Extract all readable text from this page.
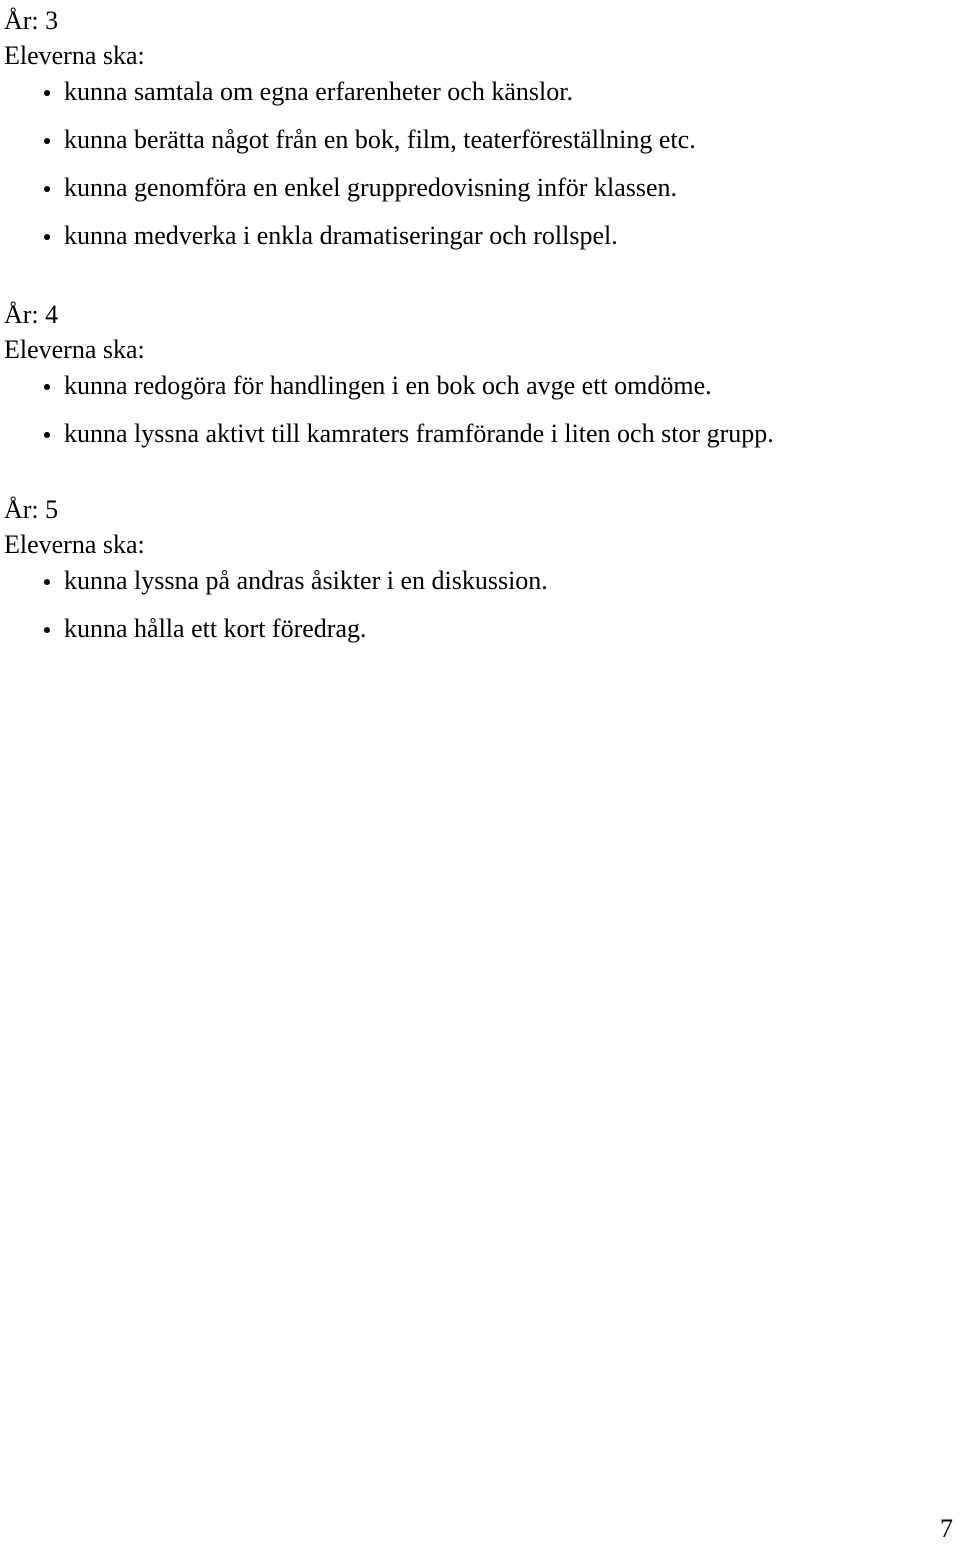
År: 3
Eleverna ska:
kunna samtala om egna erfarenheter och känslor.
kunna berätta något från en bok, film, teaterföreställning etc.
kunna genomföra en enkel gruppredovisning inför klassen.
kunna medverka i enkla dramatiseringar och rollspel.
År: 4
Eleverna ska:
kunna redogöra för handlingen i en bok och avge ett omdöme.
kunna lyssna aktivt till kamraters framförande i liten och stor grupp.
År: 5
Eleverna ska:
kunna lyssna på andras åsikter i en diskussion.
kunna hålla ett kort föredrag.
7
